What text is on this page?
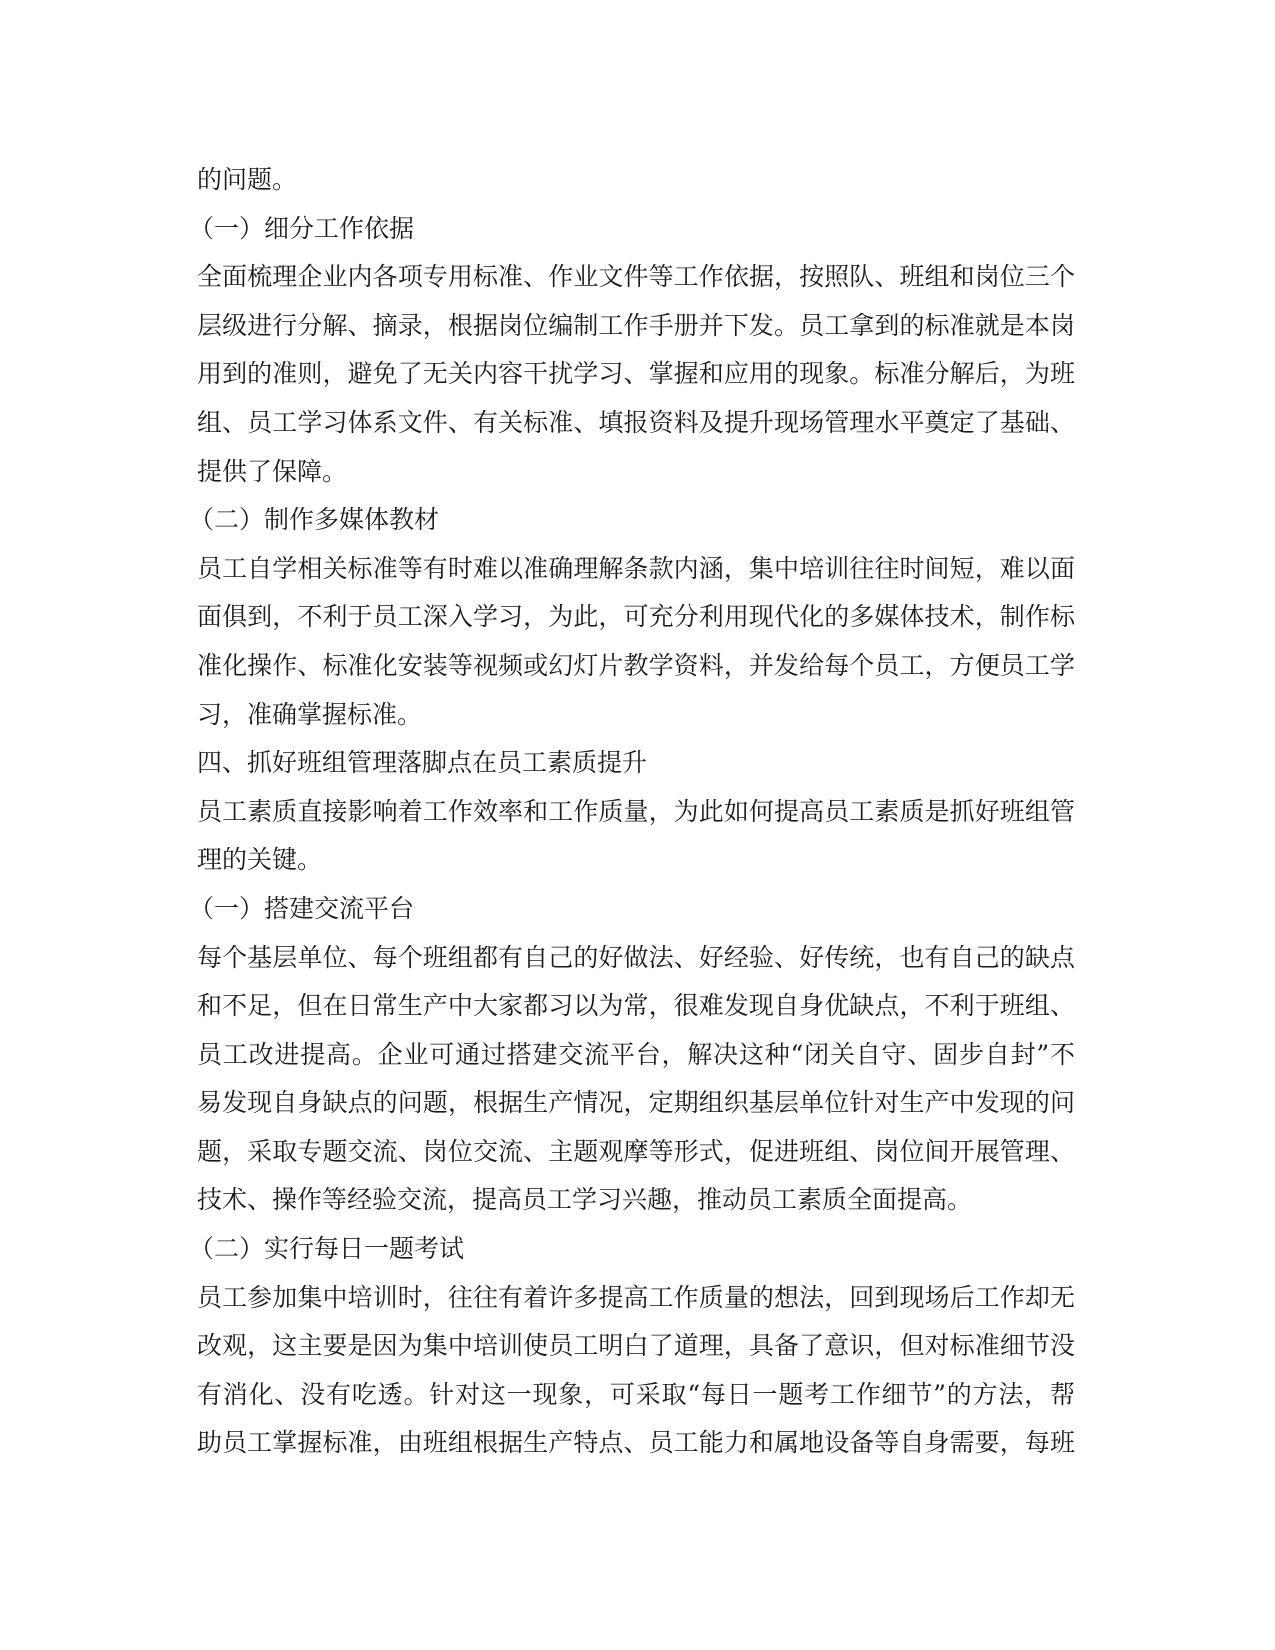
的问题。
（一）细分工作依据
全面梳理企业内各项专用标准、作业文件等工作依据，按照队、班组和岗位三个
层级进行分解、摘录，根据岗位编制工作手册并下发。员工拿到的标准就是本岗
用到的准则，避免了无关内容干扰学习、掌握和应用的现象。标准分解后，为班
组、员工学习体系文件、有关标准、填报资料及提升现场管理水平奠定了基础、
提供了保障。
（二）制作多媒体教材
员工自学相关标准等有时难以准确理解条款内涵，集中培训往往时间短，难以面
面俱到，不利于员工深入学习，为此，可充分利用现代化的多媒体技术，制作标
准化操作、标准化安装等视频或幻灯片教学资料，并发给每个员工，方便员工学
习，准确掌握标准。
四、抓好班组管理落脚点在员工素质提升
员工素质直接影响着工作效率和工作质量，为此如何提高员工素质是抓好班组管
理的关键。
（一）搭建交流平台
每个基层单位、每个班组都有自己的好做法、好经验、好传统，也有自己的缺点
和不足，但在日常生产中大家都习以为常，很难发现自身优缺点，不利于班组、
员工改进提高。企业可通过搭建交流平台，解决这种“闭关自守、固步自封”不
易发现自身缺点的问题，根据生产情况，定期组织基层单位针对生产中发现的问
题，采取专题交流、岗位交流、主题观摩等形式，促进班组、岗位间开展管理、
技术、操作等经验交流，提高员工学习兴趣，推动员工素质全面提高。
（二）实行每日一题考试
员工参加集中培训时，往往有着许多提高工作质量的想法，回到现场后工作却无
改观，这主要是因为集中培训使员工明白了道理，具备了意识，但对标准细节没
有消化、没有吃透。针对这一现象，可采取“每日一题考工作细节”的方法，帮
助员工掌握标准，由班组根据生产特点、员工能力和属地设备等自身需要，每班
